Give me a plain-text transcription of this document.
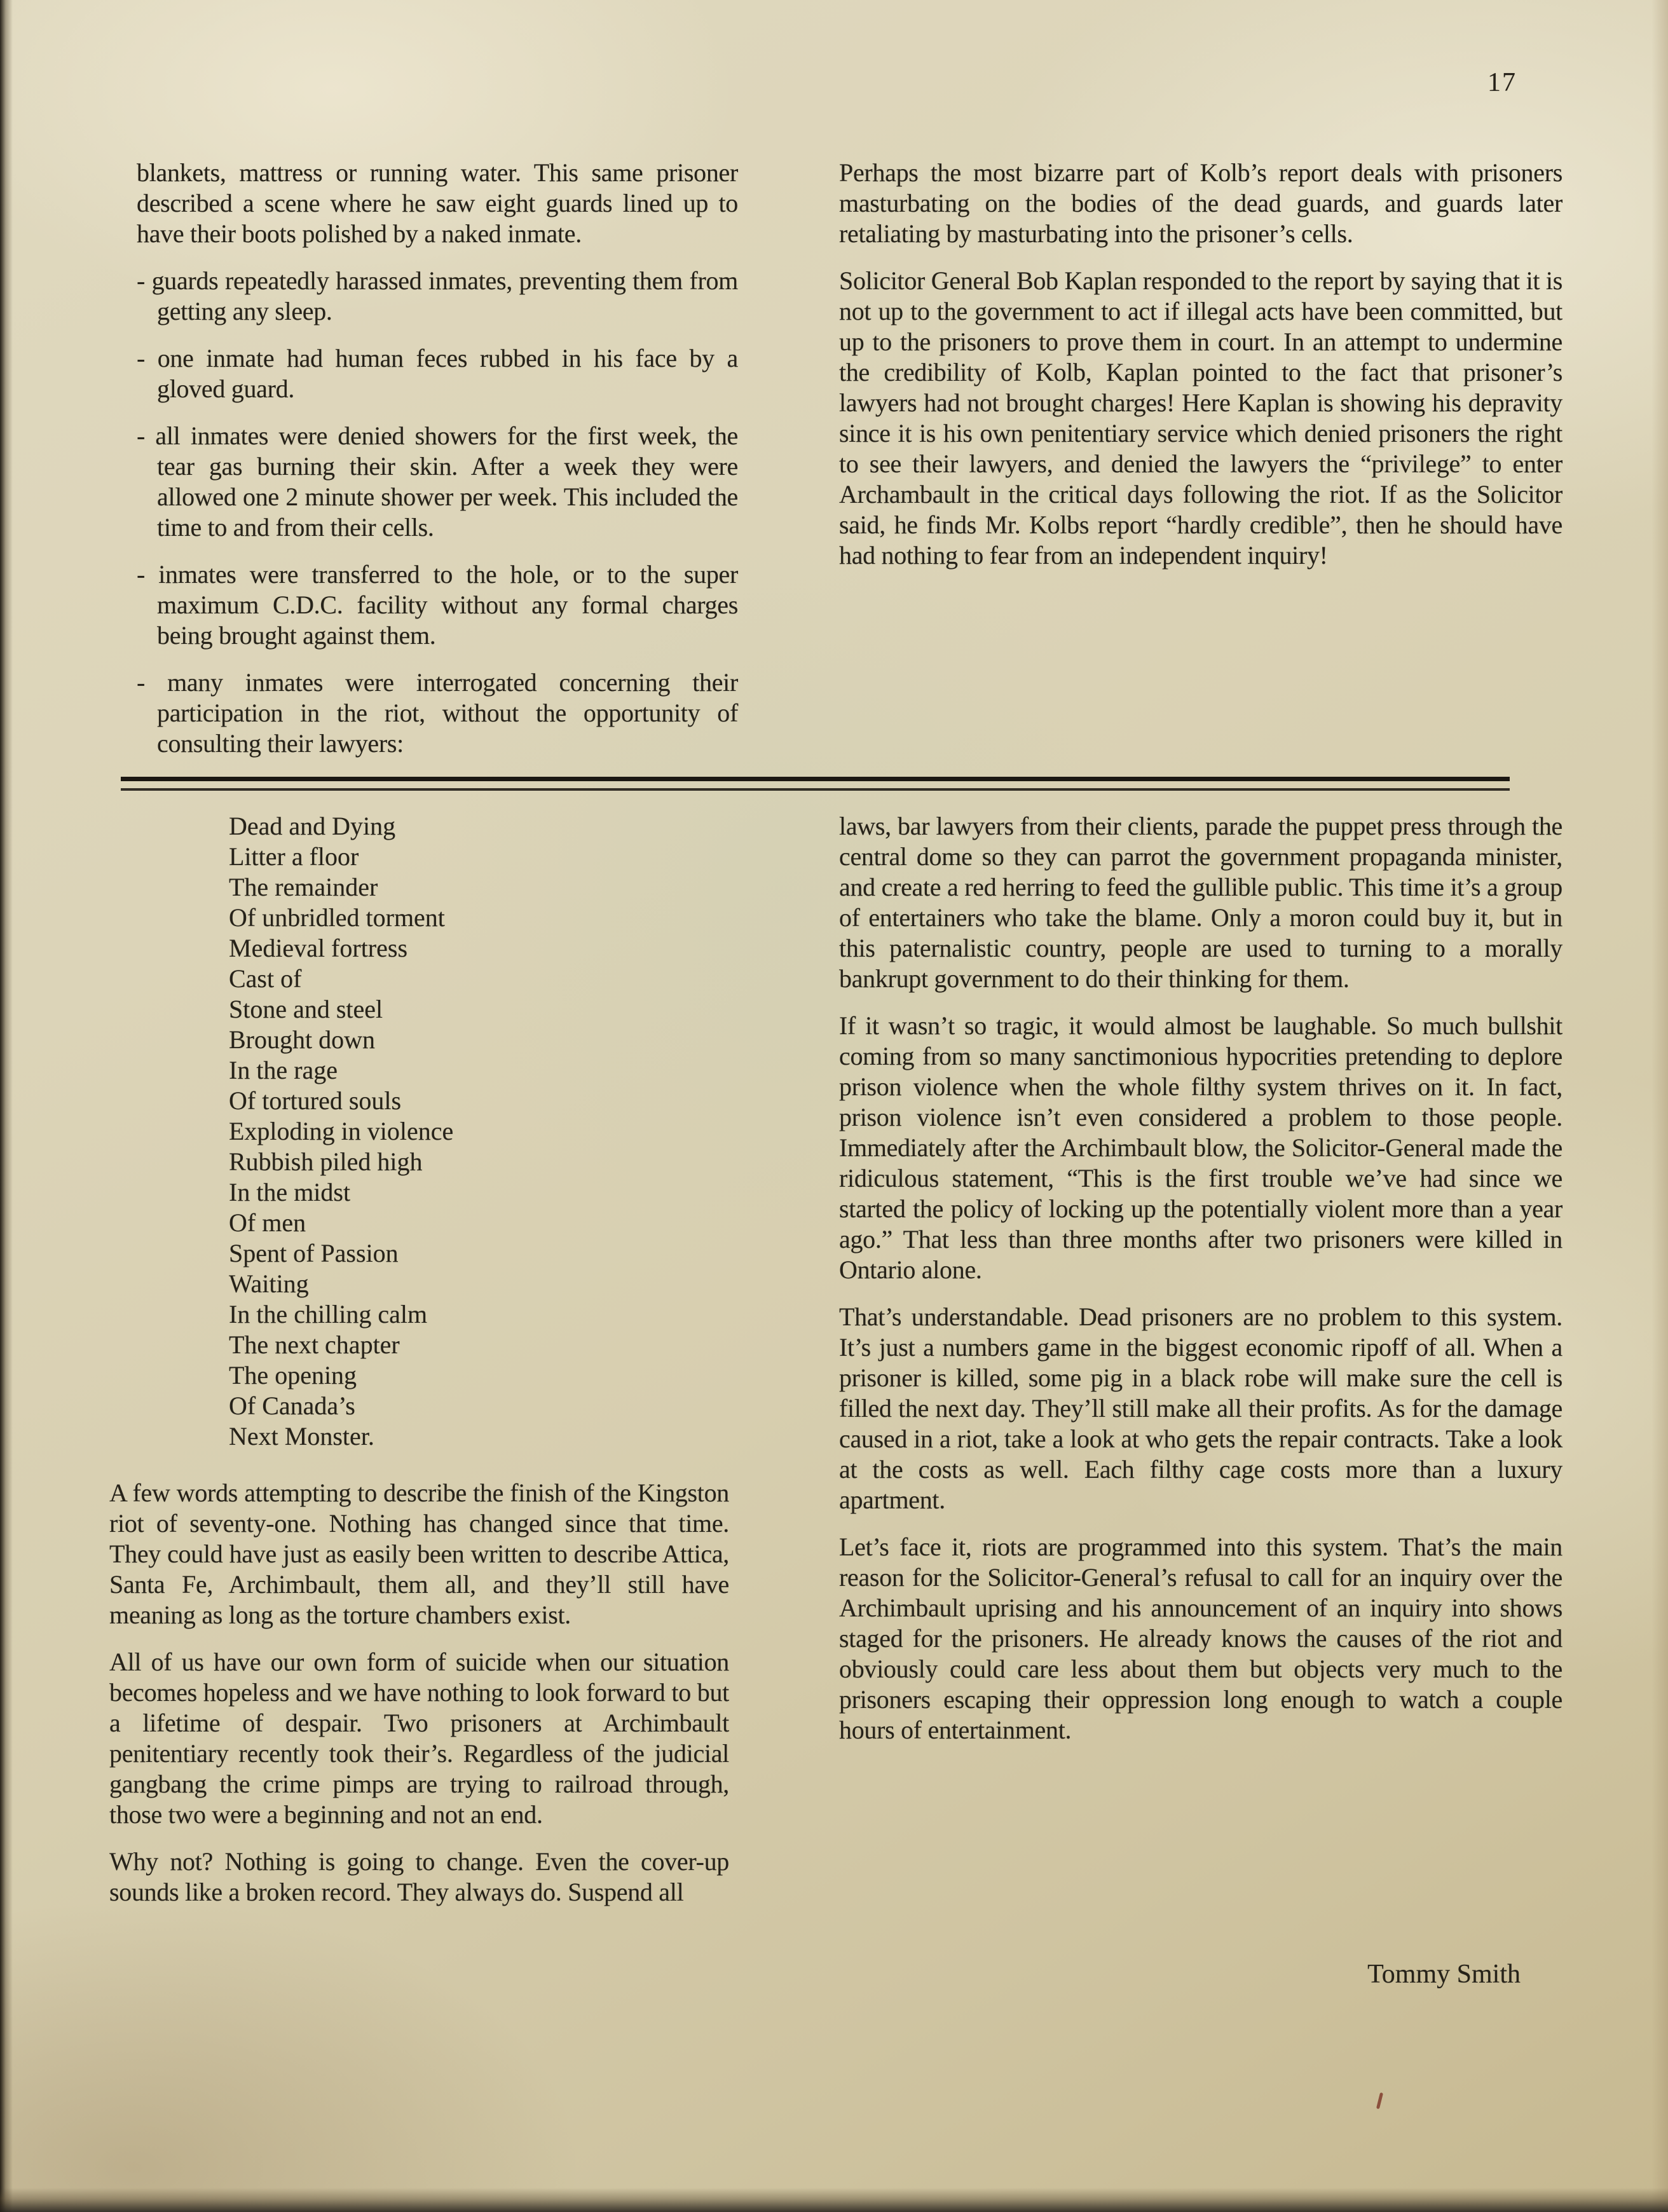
17

blankets, mattress or running water. This same prisoner described a scene where he saw eight guards lined up to have their boots polished by a naked inmate.

- guards repeatedly harassed inmates, preventing them from getting any sleep.

- one inmate had human feces rubbed in his face by a gloved guard.

- all inmates were denied showers for the first week, the tear gas burning their skin. After a week they were allowed one 2 minute shower per week. This included the time to and from their cells.

- inmates were transferred to the hole, or to the super maximum C.D.C. facility without any formal charges being brought against them.

- many inmates were interrogated concerning their participation in the riot, without the opportunity of consulting their lawyers:

Perhaps the most bizarre part of Kolb’s report deals with prisoners masturbating on the bodies of the dead guards, and guards later retaliating by masturbating into the prisoner’s cells.

Solicitor General Bob Kaplan responded to the report by saying that it is not up to the government to act if illegal acts have been committed, but up to the prisoners to prove them in court. In an attempt to undermine the credibility of Kolb, Kaplan pointed to the fact that prisoner’s lawyers had not brought charges! Here Kaplan is showing his depravity since it is his own penitentiary service which denied prisoners the right to see their lawyers, and denied the lawyers the “privilege” to enter Archambault in the critical days following the riot. If as the Solicitor said, he finds Mr. Kolbs report “hardly credible”, then he should have had nothing to fear from an independent inquiry!

Dead and Dying
Litter a floor
The remainder
Of unbridled torment
Medieval fortress
Cast of
Stone and steel
Brought down
In the rage
Of tortured souls
Exploding in violence
Rubbish piled high
In the midst
Of men
Spent of Passion
Waiting
In the chilling calm
The next chapter
The opening
Of Canada’s
Next Monster.

A few words attempting to describe the finish of the Kingston riot of seventy-one. Nothing has changed since that time. They could have just as easily been written to describe Attica, Santa Fe, Archimbault, them all, and they’ll still have meaning as long as the torture chambers exist.

All of us have our own form of suicide when our situation becomes hopeless and we have nothing to look forward to but a lifetime of despair. Two prisoners at Archimbault penitentiary recently took their’s. Regardless of the judicial gangbang the crime pimps are trying to railroad through, those two were a beginning and not an end.

Why not? Nothing is going to change. Even the cover-up sounds like a broken record. They always do. Suspend all

laws, bar lawyers from their clients, parade the puppet press through the central dome so they can parrot the government propaganda minister, and create a red herring to feed the gullible public. This time it’s a group of entertainers who take the blame. Only a moron could buy it, but in this paternalistic country, people are used to turning to a morally bankrupt government to do their thinking for them.

If it wasn’t so tragic, it would almost be laughable. So much bullshit coming from so many sanctimonious hypocrities pretending to deplore prison violence when the whole filthy system thrives on it. In fact, prison violence isn’t even considered a problem to those people. Immediately after the Archimbault blow, the Solicitor-General made the ridiculous statement, “This is the first trouble we’ve had since we started the policy of locking up the potentially violent more than a year ago.” That less than three months after two prisoners were killed in Ontario alone.

That’s understandable. Dead prisoners are no problem to this system. It’s just a numbers game in the biggest economic ripoff of all. When a prisoner is killed, some pig in a black robe will make sure the cell is filled the next day. They’ll still make all their profits. As for the damage caused in a riot, take a look at who gets the repair contracts. Take a look at the costs as well. Each filthy cage costs more than a luxury apartment.

Let’s face it, riots are programmed into this system. That’s the main reason for the Solicitor-General’s refusal to call for an inquiry over the Archimbault uprising and his announcement of an inquiry into shows staged for the prisoners. He already knows the causes of the riot and obviously could care less about them but objects very much to the prisoners escaping their oppression long enough to watch a couple hours of entertainment.

Tommy Smith
